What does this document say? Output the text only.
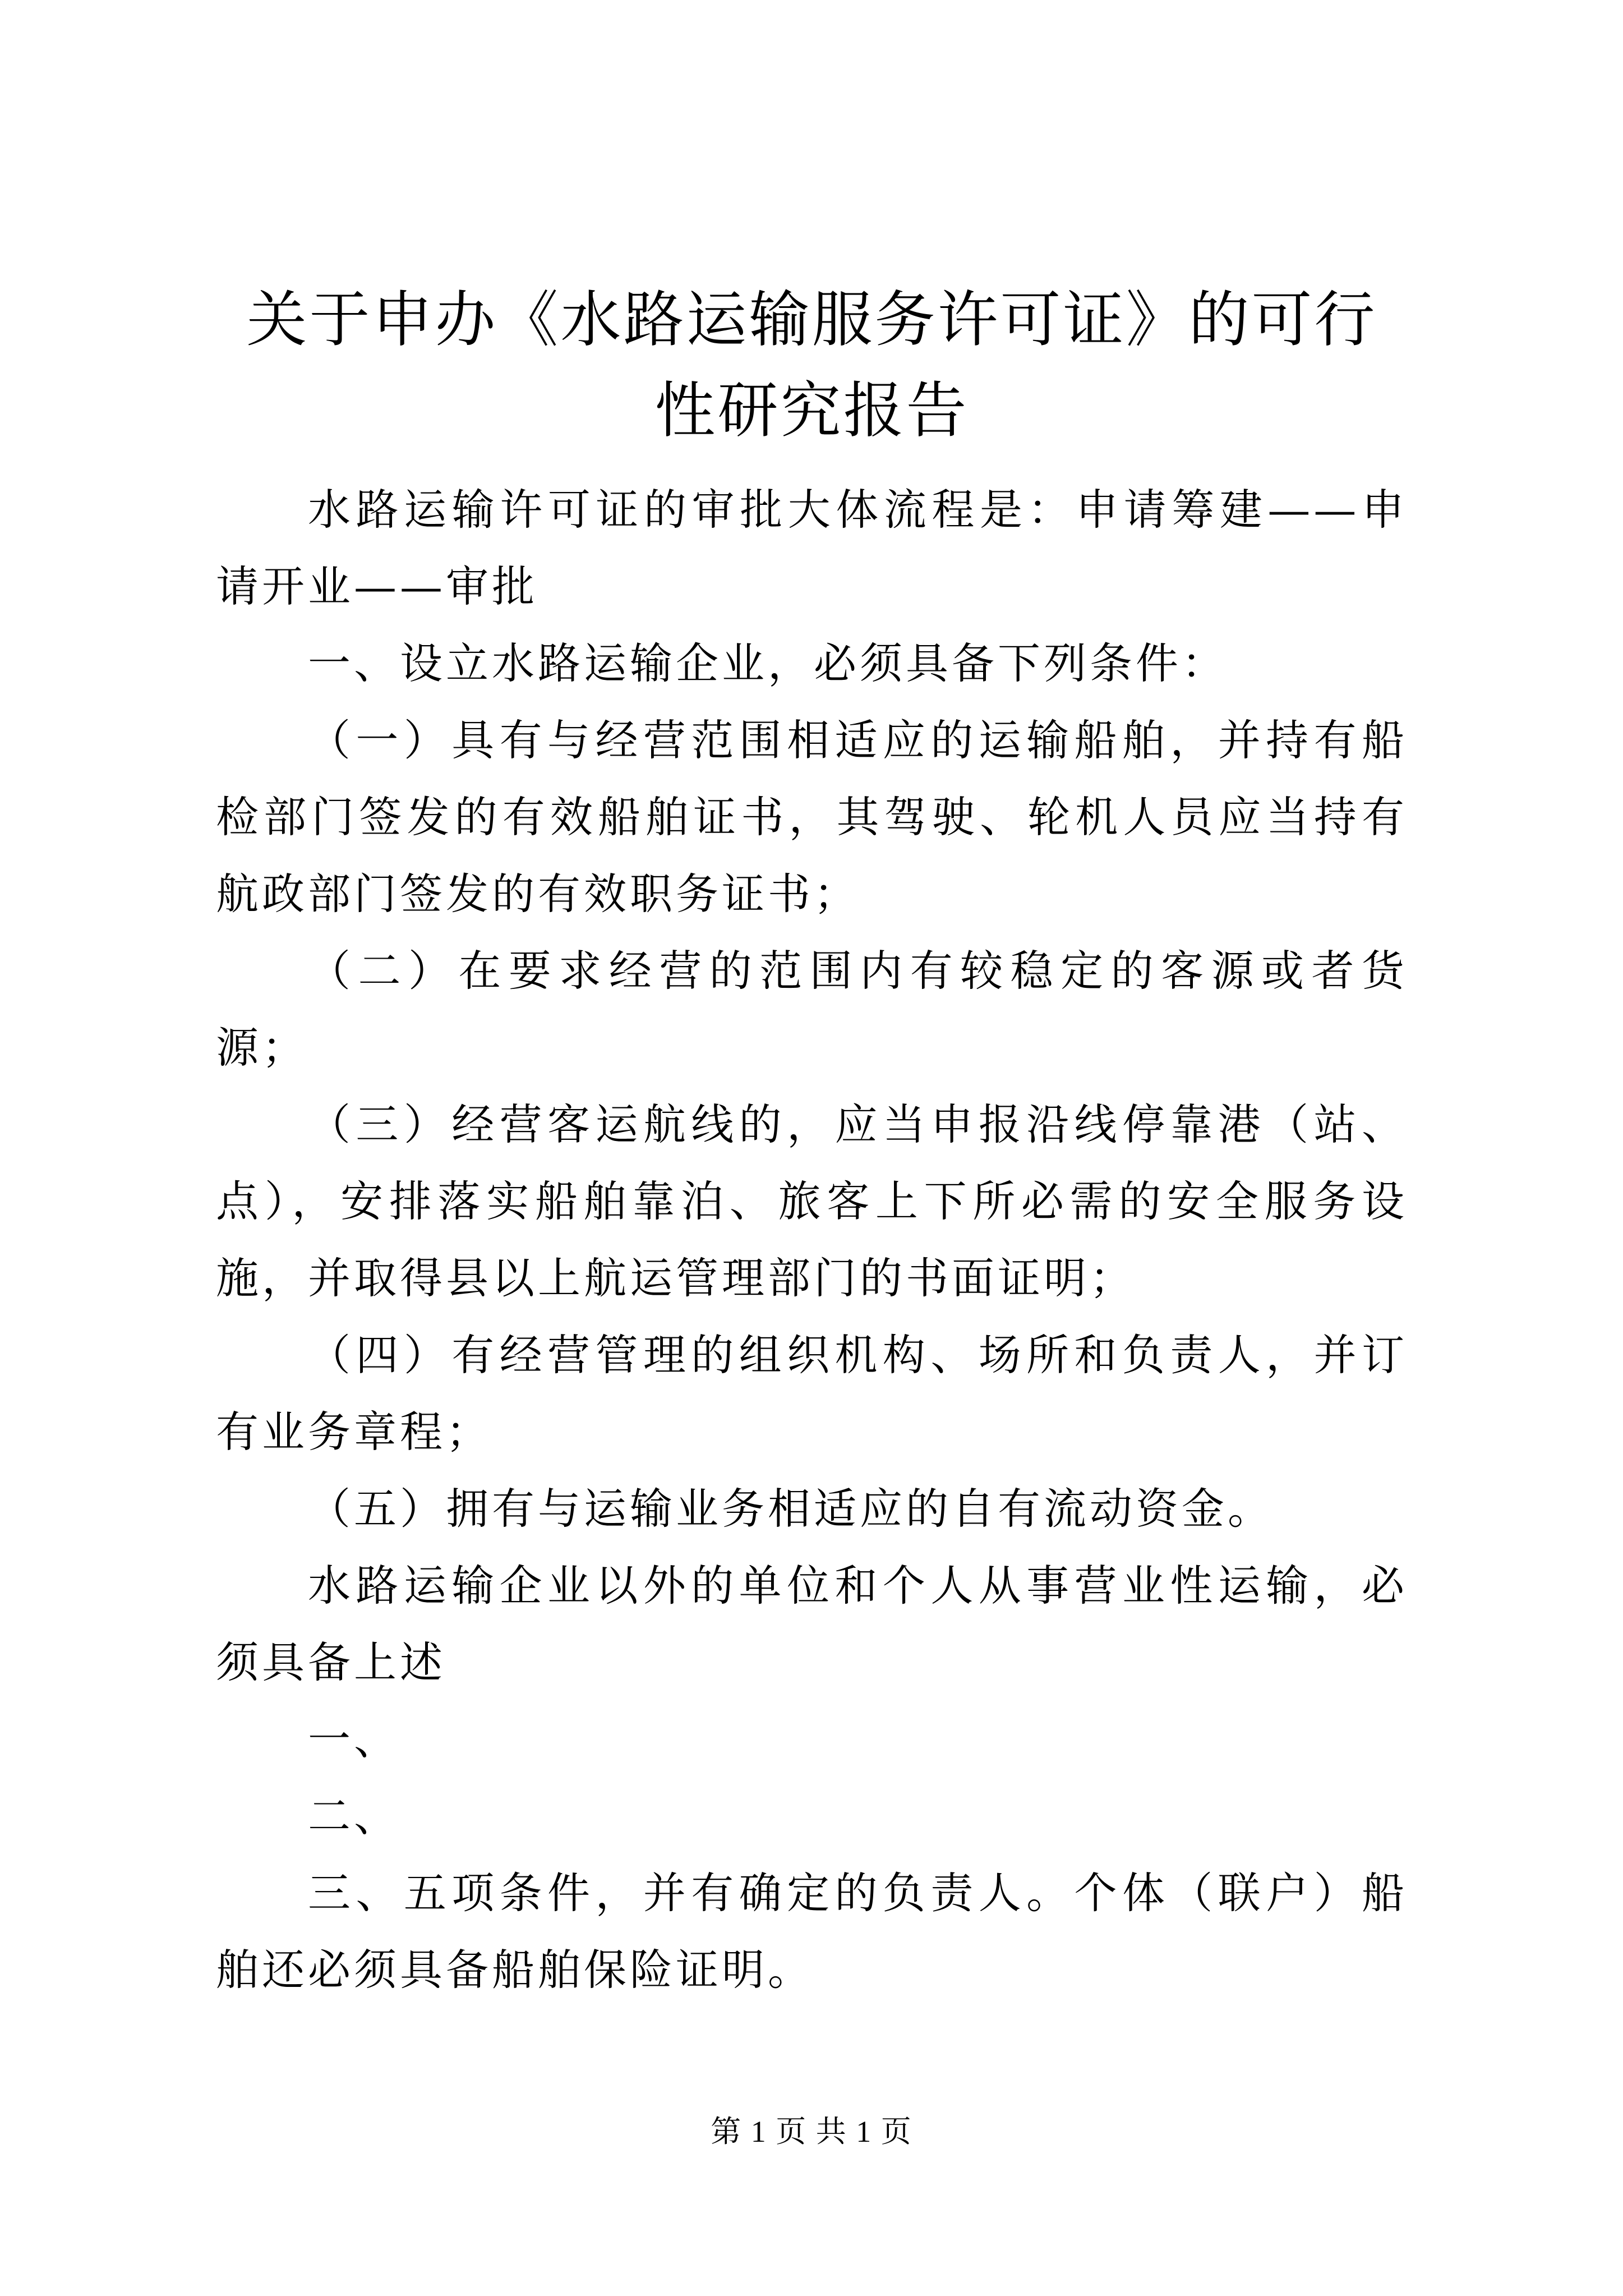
关于申办《水路运输服务许可证》的可行性研究报告

水路运输许可证的审批大体流程是：申请筹建——申请开业——审批

一、设立水路运输企业，必须具备下列条件：

（一）具有与经营范围相适应的运输船舶，并持有船检部门签发的有效船舶证书，其驾驶、轮机人员应当持有航政部门签发的有效职务证书；

（二）在要求经营的范围内有较稳定的客源或者货源；

（三）经营客运航线的，应当申报沿线停靠港（站、点），安排落实船舶靠泊、旅客上下所必需的安全服务设施，并取得县以上航运管理部门的书面证明；

（四）有经营管理的组织机构、场所和负责人，并订有业务章程；

（五）拥有与运输业务相适应的自有流动资金。

水路运输企业以外的单位和个人从事营业性运输，必须具备上述

一、

二、

三、五项条件，并有确定的负责人。个体（联户）船舶还必须具备船舶保险证明。

第 1 页 共 1 页
